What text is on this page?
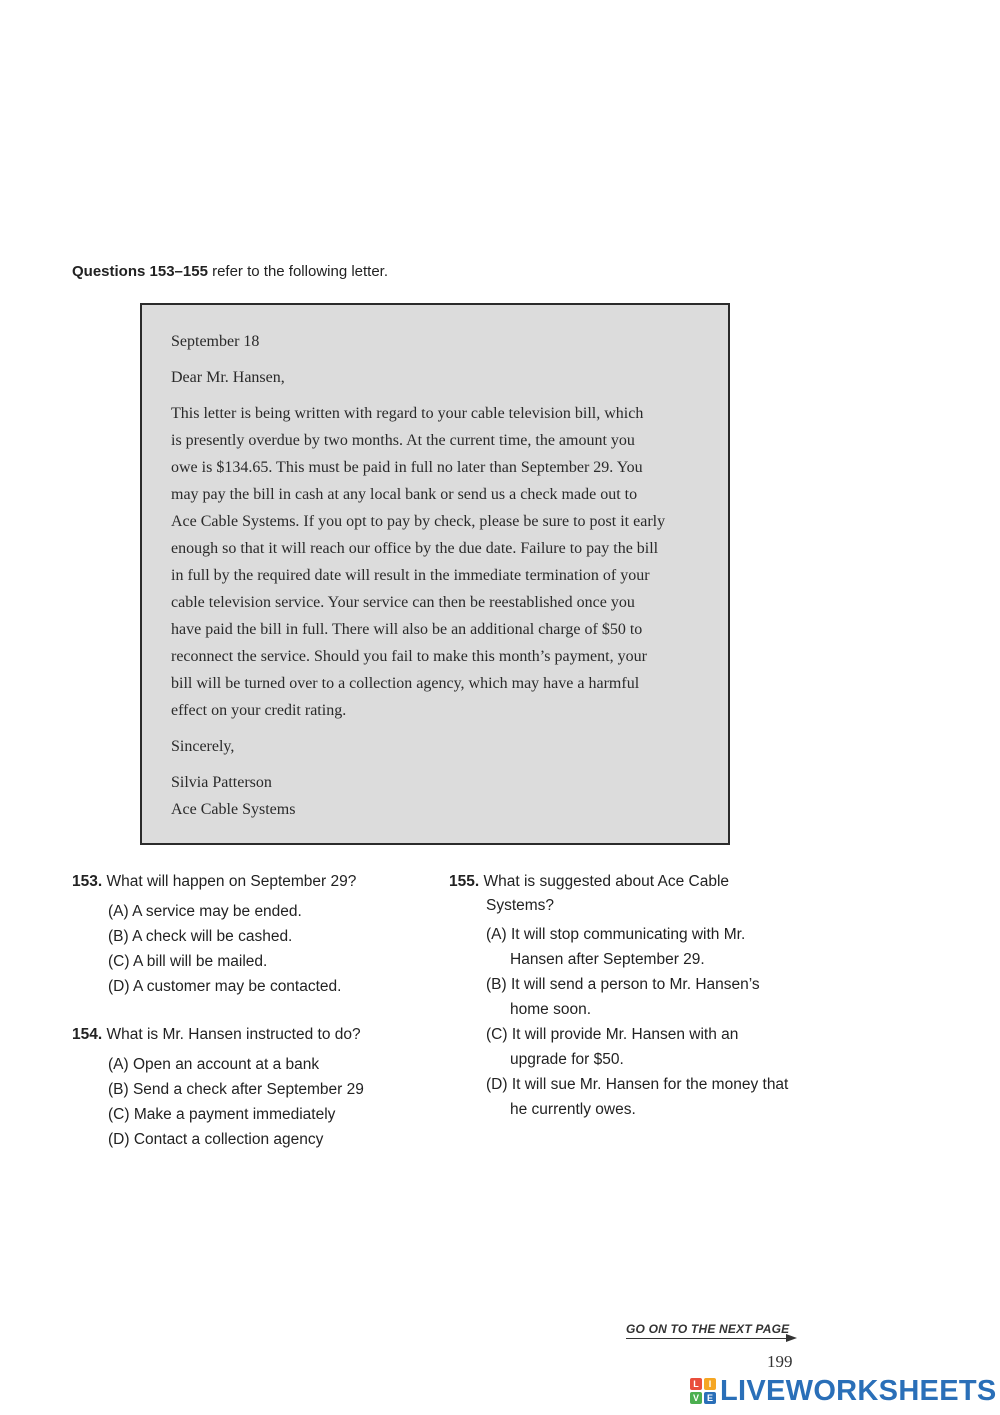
Questions 153–155 refer to the following letter.
September 18
Dear Mr. Hansen,
This letter is being written with regard to your cable television bill, which
is presently overdue by two months. At the current time, the amount you
owe is $134.65. This must be paid in full no later than September 29. You
may pay the bill in cash at any local bank or send us a check made out to
Ace Cable Systems. If you opt to pay by check, please be sure to post it early
enough so that it will reach our office by the due date. Failure to pay the bill
in full by the required date will result in the immediate termination of your
cable television service. Your service can then be reestablished once you
have paid the bill in full. There will also be an additional charge of $50 to
reconnect the service. Should you fail to make this month’s payment, your
bill will be turned over to a collection agency, which may have a harmful
effect on your credit rating.
Sincerely,
Silvia Patterson
Ace Cable Systems
153. What will happen on September 29?
(A) A service may be ended.
(B) A check will be cashed.
(C) A bill will be mailed.
(D) A customer may be contacted.
154. What is Mr. Hansen instructed to do?
(A) Open an account at a bank
(B) Send a check after September 29
(C) Make a payment immediately
(D) Contact a collection agency
155. What is suggested about Ace Cable
Systems?
(A) It will stop communicating with Mr.
Hansen after September 29.
(B) It will send a person to Mr. Hansen’s
home soon.
(C) It will provide Mr. Hansen with an
upgrade for $50.
(D) It will sue Mr. Hansen for the money that
he currently owes.
GO ON TO THE NEXT PAGE
199
L	I
V E LIVEWORKSHEETS
